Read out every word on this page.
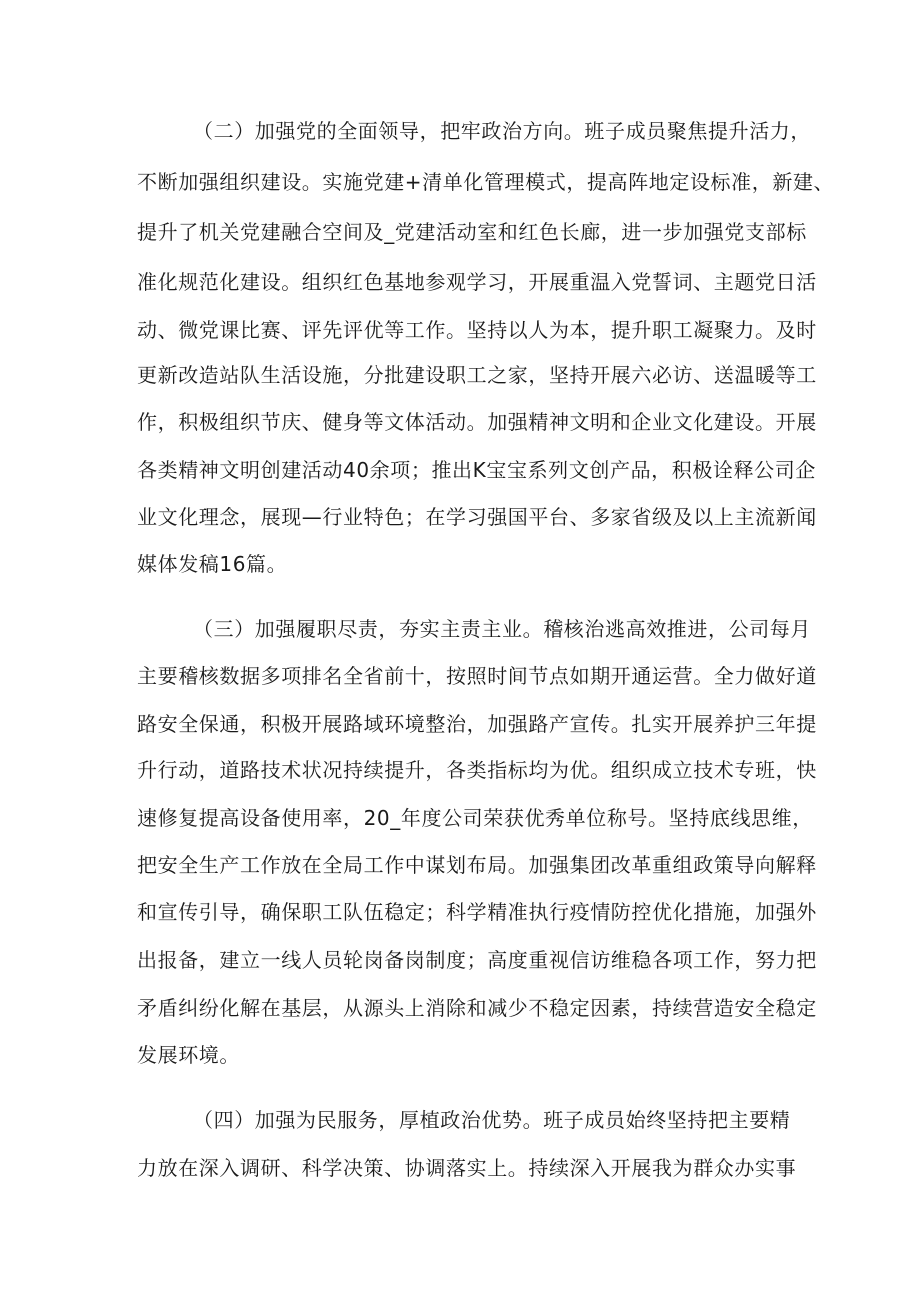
（二）加强党的全面领导，把牢政治方向。班子成员聚焦提升活力，
不断加强组织建设。实施党建+清单化管理模式，提高阵地定设标准，新建、
提升了机关党建融合空间及_党建活动室和红色长廊，进一步加强党支部标
准化规范化建设。组织红色基地参观学习，开展重温入党誓词、主题党日活
动、微党课比赛、评先评优等工作。坚持以人为本，提升职工凝聚力。及时
更新改造站队生活设施，分批建设职工之家，坚持开展六必访、送温暖等工
作，积极组织节庆、健身等文体活动。加强精神文明和企业文化建设。开展
各类精神文明创建活动40余项；推出K宝宝系列文创产品，积极诠释公司企
业文化理念，展现—行业特色；在学习强国平台、多家省级及以上主流新闻
媒体发稿16篇。
（三）加强履职尽责，夯实主责主业。稽核治逃高效推进，公司每月
主要稽核数据多项排名全省前十，按照时间节点如期开通运营。全力做好道
路安全保通，积极开展路域环境整治，加强路产宣传。扎实开展养护三年提
升行动，道路技术状况持续提升，各类指标均为优。组织成立技术专班，快
速修复提高设备使用率，20_年度公司荣获优秀单位称号。坚持底线思维，
把安全生产工作放在全局工作中谋划布局。加强集团改革重组政策导向解释
和宣传引导，确保职工队伍稳定；科学精准执行疫情防控优化措施，加强外
出报备，建立一线人员轮岗备岗制度；高度重视信访维稳各项工作，努力把
矛盾纠纷化解在基层，从源头上消除和减少不稳定因素，持续营造安全稳定
发展环境。
（四）加强为民服务，厚植政治优势。班子成员始终坚持把主要精
力放在深入调研、科学决策、协调落实上。持续深入开展我为群众办实事
